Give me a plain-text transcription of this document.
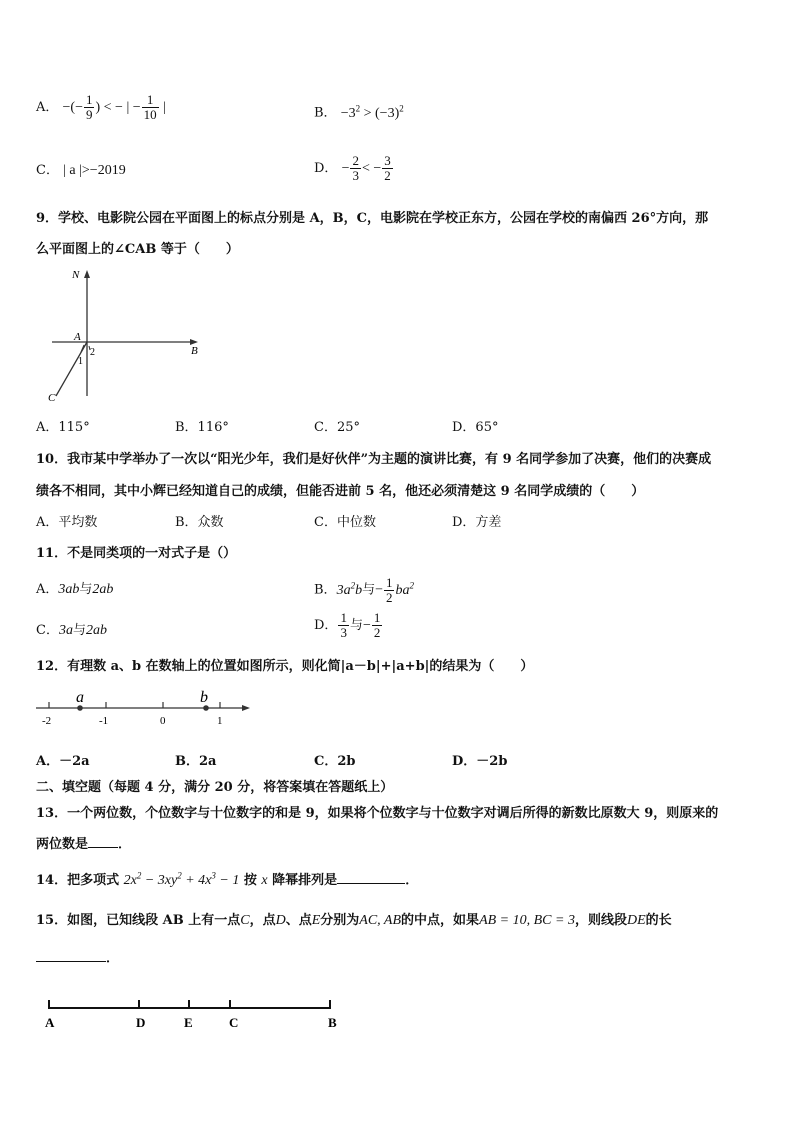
A． −(− $\frac{1}{9}$ ) < − | − $\frac{1}{10}$ |	B． $-3^2 > (-3)^2$
C． | a |>−2019	D． − $\frac{2}{3}$ < − $\frac{3}{2}$
9．学校、电影院公园在平面图上的标点分别是 A，B，C，电影院在学校正东方，公园在学校的南偏西 26°方向，那
么平面图上的∠CAB 等于（　　）
N
A
B
C
1
2
A．115°	B．116°	C．25°	D．65°
10．我市某中学举办了一次以“阳光少年，我们是好伙伴”为主题的演讲比赛，有 9 名同学参加了决赛，他们的决赛成
绩各不相同，其中小辉已经知道自己的成绩，但能否进前 5 名，他还必须清楚这 9 名同学成绩的（　　）
A．平均数	B．众数	C．中位数	D．方差
11．不是同类项的一对式子是（）
A．3ab与2ab	B．$3a^2b$与− $\frac{1}{2} ba^2$
C．3a与2ab	D． $\frac{1}{3}$ 与− $\frac{1}{2}$
12．有理数 a、b 在数轴上的位置如图所示，则化简|a－b|+|a+b|的结果为（　　）
a	b
-2	-1	0	1
A．－2a	B．2a	C．2b	D．－2b
二、填空题（每题 4 分，满分 20 分，将答案填在答题纸上）
13．一个两位数，个位数字与十位数字的和是 9，如果将个位数字与十位数字对调后所得的新数比原数大 9，则原来的
两位数是 ．
14．把多项式 $2x^2 - 3xy^2 + 4x^3 - 1$ 按 x 降幂排列是	．
15．如图，已知线段 AB 上有一点C，点D、点E分别为AC, AB的中点，如果AB = 10, BC = 3，则线段DE的长
．
A	D	E	C	B
